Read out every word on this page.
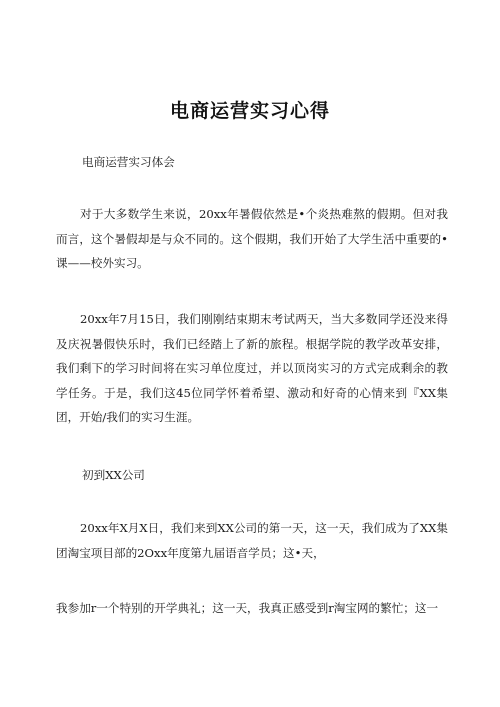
电商运营实习心得
电商运营实习体会
对于大多数学生来说，20xx年暑假依然是•个炎热难熬的假期。但对我而言，这个暑假却是与众不同的。这个假期，我们开始了大学生活中重要的•课——校外实习。
20xx年7月15日，我们刚刚结束期末考试两天，当大多数同学还没来得及庆祝暑假快乐时，我们已经踏上了新的旅程。根据学院的教学改革安排，我们剩下的学习时间将在实习单位度过，并以顶岗实习的方式完成剩余的教学任务。于是，我们这45位同学怀着希望、激动和好奇的心情来到『XX集团，开始/我们的实习生涯。
初到XX公司
20xx年X月X日，我们来到XX公司的第一天，这一天，我们成为了XX集团淘宝项目部的2Oxx年度第九届语音学员；这•天，
我参加r一个特别的开学典礼；这一天，我真正感受到r淘宝网的繁忙；这一
